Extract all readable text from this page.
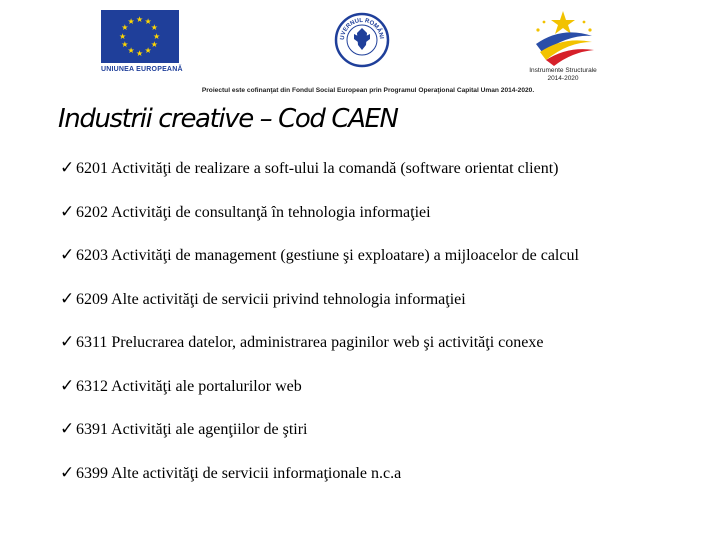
★ ★
★
★
★
★
★
★
★
★
★
★
UNIUNEA EUROPEANĂ
UVERNUL ROMÂNI
Instrumente Structurale
2014-2020
Proiectul este cofinanţat din Fondul Social European prin Programul Operaţional Capital Uman 2014-2020.
Industrii creative – Cod CAEN
✓ 6201 Activităţi de realizare a soft-ului la comandă (software orientat client)
✓ 6202 Activităţi de consultanţă în tehnologia informaţiei
✓ 6203 Activităţi de management (gestiune şi exploatare) a mijloacelor de calcul
✓ 6209 Alte activităţi de servicii privind tehnologia informaţiei
✓ 6311 Prelucrarea datelor, administrarea paginilor web şi activităţi conexe
✓ 6312 Activităţi ale portalurilor web
✓ 6391 Activităţi ale agenţiilor de ştiri
✓ 6399 Alte activităţi de servicii informaţionale n.c.a
